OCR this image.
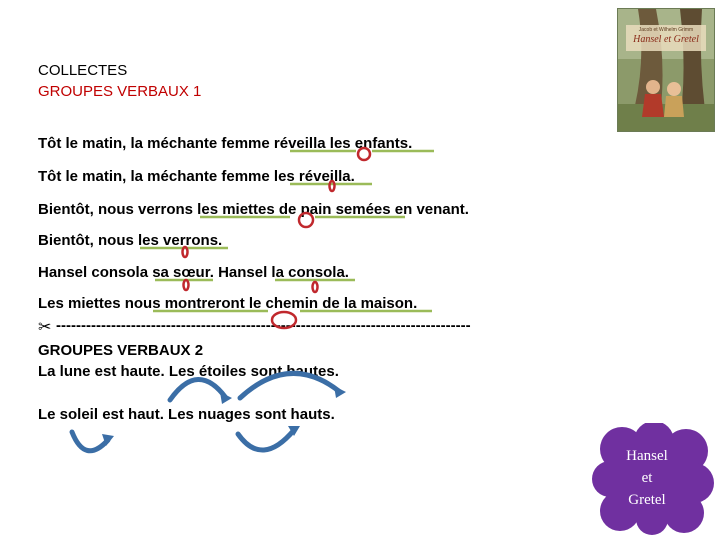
COLLECTES
GROUPES VERBAUX 1
Tôt le matin, la méchante femme réveilla les enfants.
Tôt le matin, la méchante femme les réveilla.
Bientôt, nous verrons les miettes de pain semées en venant.
Bientôt, nous les verrons.
Hansel consola sa sœur. Hansel la consola.
Les miettes nous montreront le chemin de la maison.
✂ -----------------------------------------------------------------------------------
GROUPES VERBAUX 2
La lune est haute. Les étoiles sont hautes.
Le soleil est haut. Les nuages sont hauts.
Jacob et Wilhelm Grimm
Hansel et Gretel
Hansel
et
Gretel
